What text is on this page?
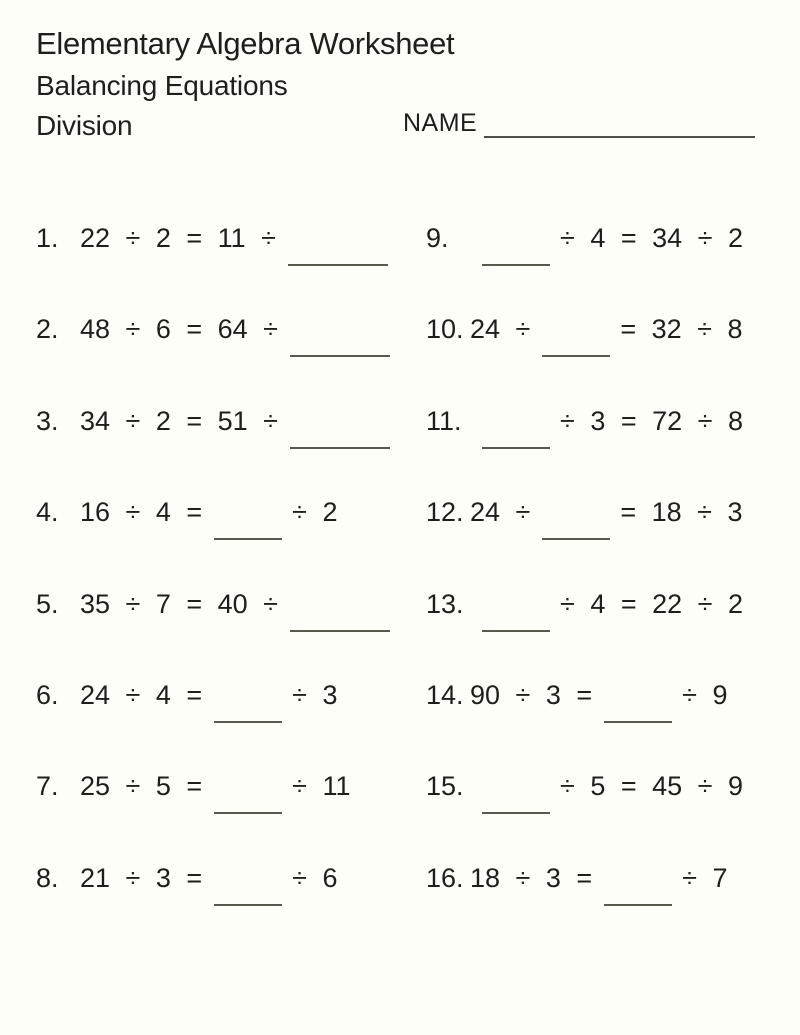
Elementary Algebra Worksheet
Balancing Equations
Division	NAME
1. 22 ÷ 2 = 11 ÷
2. 48 ÷ 6 = 64 ÷
3. 34 ÷ 2 = 51 ÷
4. 16 ÷ 4 =	÷ 2
5. 35 ÷ 7 = 40 ÷
6. 24 ÷ 4 =	÷ 3
7. 25 ÷ 5 =	÷ 11
8. 21 ÷ 3 =	÷ 6
9.	÷ 4 = 34 ÷ 2
10. 24 ÷	= 32 ÷ 8
11.	÷ 3 = 72 ÷ 8
12. 24 ÷	= 18 ÷ 3
13.	÷ 4 = 22 ÷ 2
14. 90 ÷ 3 =	÷ 9
15.	÷ 5 = 45 ÷ 9
16. 18 ÷ 3 =	÷ 7
